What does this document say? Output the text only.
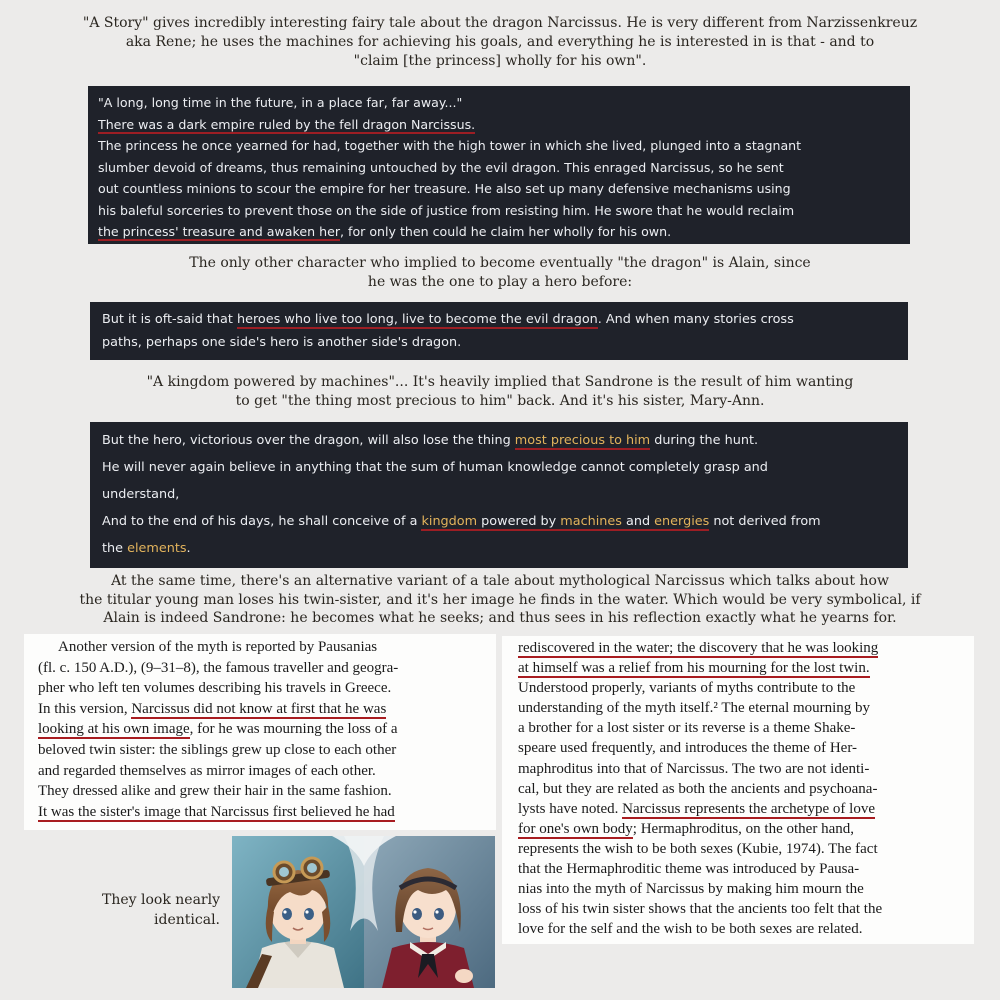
"A Story" gives incredibly interesting fairy tale about the dragon Narcissus. He is very different from Narzissenkreuz
aka Rene; he uses the machines for achieving his goals, and everything he is interested in is that - and to
"claim [the princess] wholly for his own".
"A long, long time in the future, in a place far, far away..."
There was a dark empire ruled by the fell dragon Narcissus.
The princess he once yearned for had, together with the high tower in which she lived, plunged into a stagnant
slumber devoid of dreams, thus remaining untouched by the evil dragon. This enraged Narcissus, so he sent
out countless minions to scour the empire for her treasure. He also set up many defensive mechanisms using
his baleful sorceries to prevent those on the side of justice from resisting him. He swore that he would reclaim
the princess' treasure and awaken her, for only then could he claim her wholly for his own.
The only other character who implied to become eventually "the dragon" is Alain, since
he was the one to play a hero before:
But it is oft-said that heroes who live too long, live to become the evil dragon. And when many stories cross
paths, perhaps one side's hero is another side's dragon.
"A kingdom powered by machines"... It's heavily implied that Sandrone is the result of him wanting
to get "the thing most precious to him" back. And it's his sister, Mary-Ann.
But the hero, victorious over the dragon, will also lose the thing most precious to him during the hunt.
He will never again believe in anything that the sum of human knowledge cannot completely grasp and
understand,
And to the end of his days, he shall conceive of a kingdom powered by machines and energies not derived from
the elements.
At the same time, there's an alternative variant of a tale about mythological Narcissus which talks about how
the titular young man loses his twin-sister, and it's her image he finds in the water. Which would be very symbolical, if
Alain is indeed Sandrone: he becomes what he seeks; and thus sees in his reflection exactly what he yearns for.
Another version of the myth is reported by Pausanias
(fl. c. 150 A.D.), (9–31–8), the famous traveller and geogra-
pher who left ten volumes describing his travels in Greece.
In this version, Narcissus did not know at first that he was
looking at his own image, for he was mourning the loss of a
beloved twin sister: the siblings grew up close to each other
and regarded themselves as mirror images of each other.
They dressed alike and grew their hair in the same fashion.
It was the sister's image that Narcissus first believed he had
rediscovered in the water; the discovery that he was looking
at himself was a relief from his mourning for the lost twin.
Understood properly, variants of myths contribute to the
understanding of the myth itself.² The eternal mourning by
a brother for a lost sister or its reverse is a theme Shake-
speare used frequently, and introduces the theme of Her-
maphroditus into that of Narcissus. The two are not identi-
cal, but they are related as both the ancients and psychoana-
lysts have noted. Narcissus represents the archetype of love
for one's own body; Hermaphroditus, on the other hand,
represents the wish to be both sexes (Kubie, 1974). The fact
that the Hermaphroditic theme was introduced by Pausa-
nias into the myth of Narcissus by making him mourn the
loss of his twin sister shows that the ancients too felt that the
love for the self and the wish to be both sexes are related.
They look nearly
identical.
